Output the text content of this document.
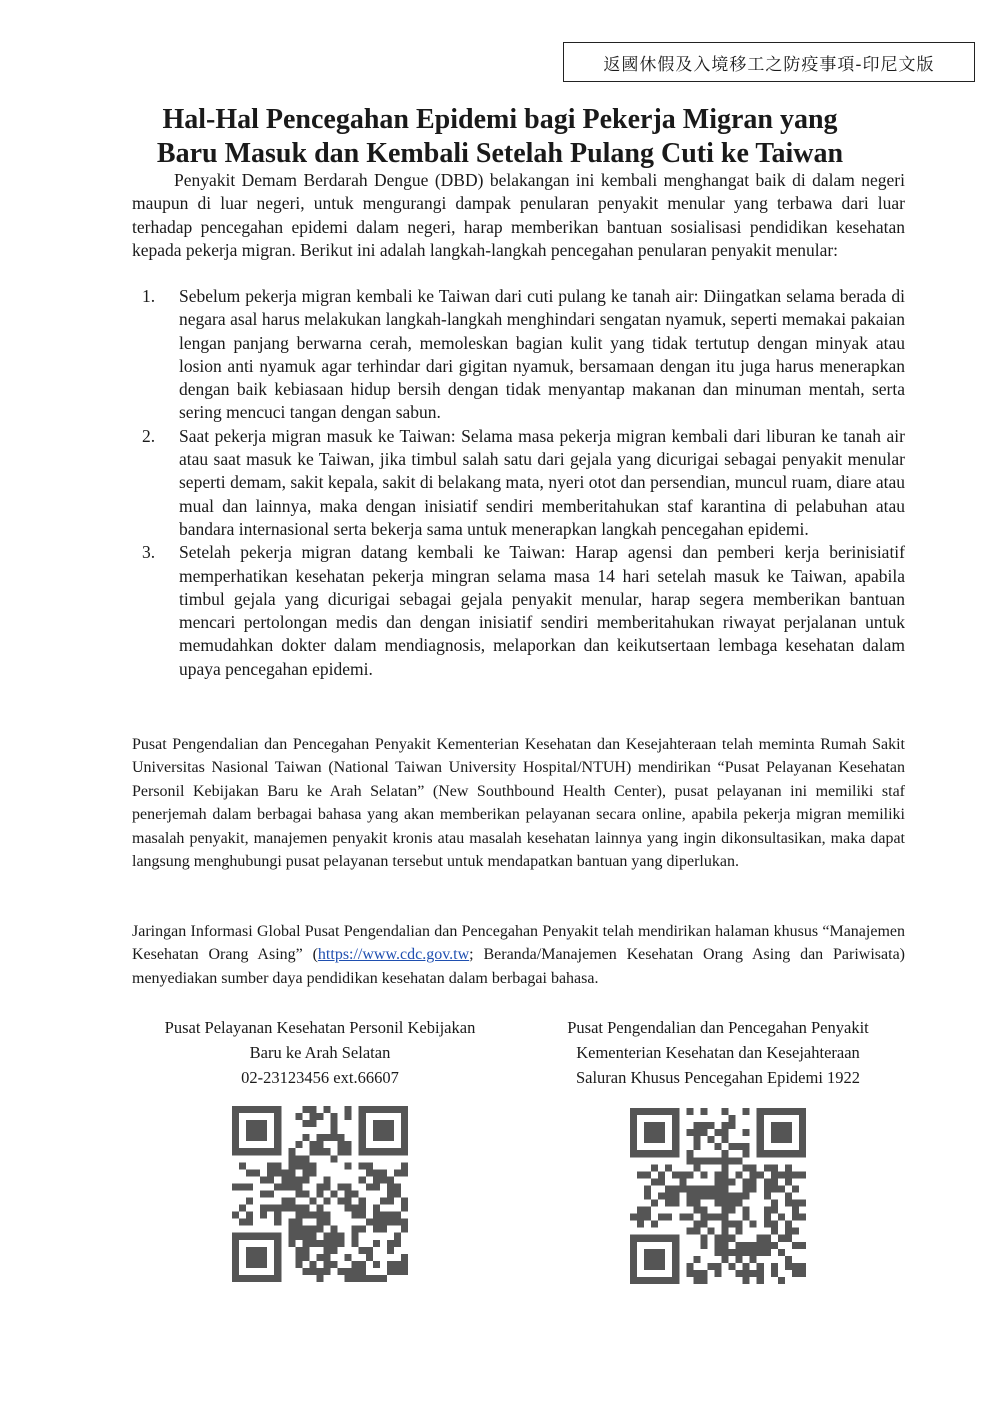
返國休假及入境移工之防疫事項-印尼文版
Hal-Hal Pencegahan Epidemi bagi Pekerja Migran yang
Baru Masuk dan Kembali Setelah Pulang Cuti ke Taiwan

Penyakit Demam Berdarah Dengue (DBD) belakangan ini kembali menghangat baik di dalam negeri maupun di luar negeri, untuk mengurangi dampak penularan penyakit menular yang terbawa dari luar terhadap pencegahan epidemi dalam negeri, harap memberikan bantuan sosialisasi pendidikan kesehatan kepada pekerja migran. Berikut ini adalah langkah-langkah pencegahan penularan penyakit menular:

1. Sebelum pekerja migran kembali ke Taiwan dari cuti pulang ke tanah air: Diingatkan selama berada di negara asal harus melakukan langkah-langkah menghindari sengatan nyamuk, seperti memakai pakaian lengan panjang berwarna cerah, memoleskan bagian kulit yang tidak tertutup dengan minyak atau losion anti nyamuk agar terhindar dari gigitan nyamuk, bersamaan dengan itu juga harus menerapkan dengan baik kebiasaan hidup bersih dengan tidak menyantap makanan dan minuman mentah, serta sering mencuci tangan dengan sabun.
2. Saat pekerja migran masuk ke Taiwan: Selama masa pekerja migran kembali dari liburan ke tanah air atau saat masuk ke Taiwan, jika timbul salah satu dari gejala yang dicurigai sebagai penyakit menular seperti demam, sakit kepala, sakit di belakang mata, nyeri otot dan persendian, muncul ruam, diare atau mual dan lainnya, maka dengan inisiatif sendiri memberitahukan staf karantina di pelabuhan atau bandara internasional serta bekerja sama untuk menerapkan langkah pencegahan epidemi.
3. Setelah pekerja migran datang kembali ke Taiwan: Harap agensi dan pemberi kerja berinisiatif memperhatikan kesehatan pekerja mingran selama masa 14 hari setelah masuk ke Taiwan, apabila timbul gejala yang dicurigai sebagai gejala penyakit menular, harap segera memberikan bantuan mencari pertolongan medis dan dengan inisiatif sendiri memberitahukan riwayat perjalanan untuk memudahkan dokter dalam mendiagnosis, melaporkan dan keikutsertaan lembaga kesehatan dalam upaya pencegahan epidemi.

Pusat Pengendalian dan Pencegahan Penyakit Kementerian Kesehatan dan Kesejahteraan telah meminta Rumah Sakit Universitas Nasional Taiwan (National Taiwan University Hospital/NTUH) mendirikan “Pusat Pelayanan Kesehatan Personil Kebijakan Baru ke Arah Selatan” (New Southbound Health Center), pusat pelayanan ini memiliki staf penerjemah dalam berbagai bahasa yang akan memberikan pelayanan secara online, apabila pekerja migran memiliki masalah penyakit, manajemen penyakit kronis atau masalah kesehatan lainnya yang ingin dikonsultasikan, maka dapat langsung menghubungi pusat pelayanan tersebut untuk mendapatkan bantuan yang diperlukan.

Jaringan Informasi Global Pusat Pengendalian dan Pencegahan Penyakit telah mendirikan halaman khusus “Manajemen Kesehatan Orang Asing” (https://www.cdc.gov.tw; Beranda/Manajemen Kesehatan Orang Asing dan Pariwisata) menyediakan sumber daya pendidikan kesehatan dalam berbagai bahasa.

Pusat Pelayanan Kesehatan Personil Kebijakan
Baru ke Arah Selatan
02-23123456 ext.66607
Pusat Pengendalian dan Pencegahan Penyakit
Kementerian Kesehatan dan Kesejahteraan
Saluran Khusus Pencegahan Epidemi 1922
